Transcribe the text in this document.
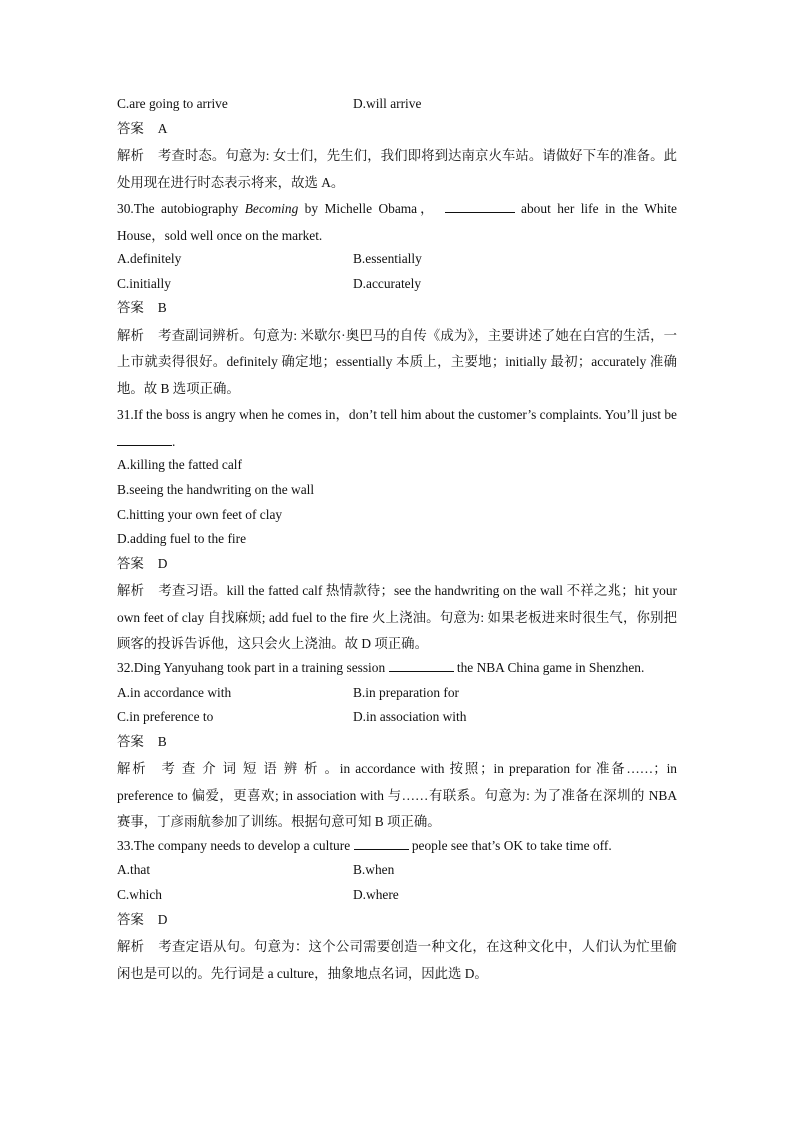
C.are going to arrive	D.will arrive
答案 A
解析 考查时态。句意为: 女士们，先生们，我们即将到达南京火车站。请做好下车的准备。此处用现在进行时态表示将来，故选 A。
30.The autobiography Becoming by Michelle Obama，	about her life in the White House，sold well once on the market.
A.definitely	B.essentially
C.initially	D.accurately
答案 B
解析 考查副词辨析。句意为: 米歇尔·奥巴马的自传《成为》，主要讲述了她在白宫的生活，一上市就卖得很好。definitely 确定地；essentially 本质上，主要地；initially 最初；accurately 准确地。故 B 选项正确。
31.If the boss is angry when he comes in，don’t tell him about the customer’s complaints. You’ll just be .
A.killing the fatted calf
B.seeing the handwriting on the wall
C.hitting your own feet of clay
D.adding fuel to the fire
答案 D
解析 考查习语。kill the fatted calf 热情款待；see the handwriting on the wall 不祥之兆；hit your own feet of clay 自找麻烦; add fuel to the fire 火上浇油。句意为: 如果老板进来时很生气，你别把顾客的投诉告诉他，这只会火上浇油。故 D 项正确。
32.Ding Yanyuhang took part in a training session	the NBA China game in Shenzhen.
A.in accordance with	B.in preparation for
C.in preference to	D.in association with
答案 B
解析 考 查 介 词 短 语 辨 析 。in accordance with 按照；in preparation for 准备……；in preference to 偏爱，更喜欢; in association with 与……有联系。句意为: 为了准备在深圳的 NBA 赛事，丁彦雨航参加了训练。根据句意可知 B 项正确。
33.The company needs to develop a culture	people see that’s OK to take time off.
A.that	B.when
C.which	D.where
答案 D
解析 考查定语从句。句意为：这个公司需要创造一种文化，在这种文化中，人们认为忙里偷闲也是可以的。先行词是 a culture，抽象地点名词，因此选 D。
